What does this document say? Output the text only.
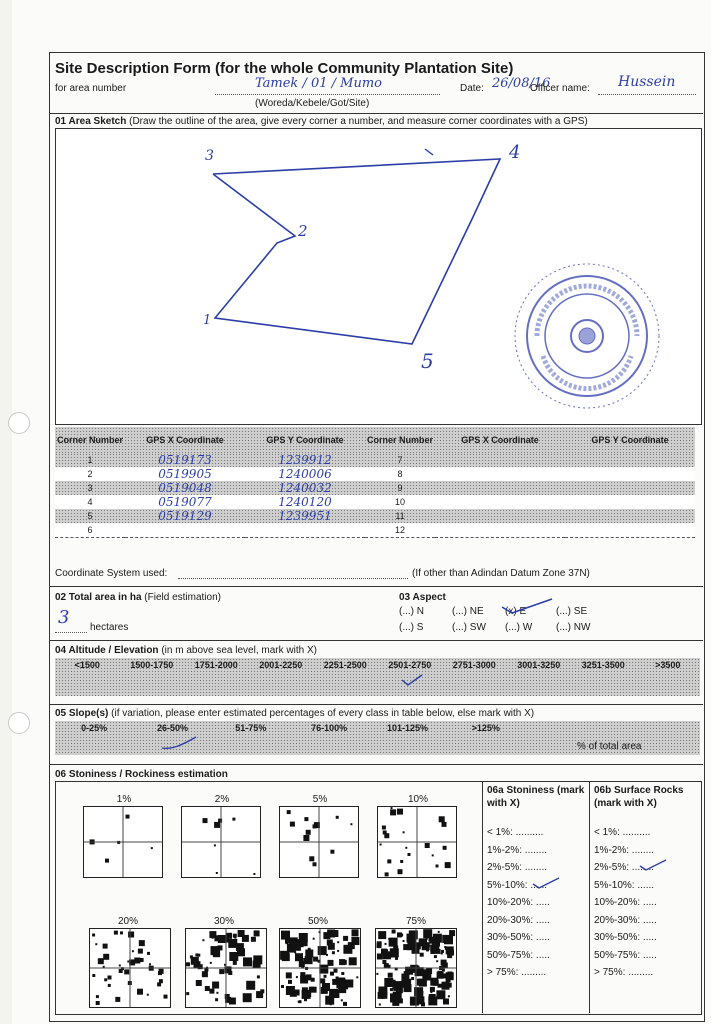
Site Description Form (for the whole Community Plantation Site)
for area number	Tamek / 01 / Mumo
(Woreda/Kebele/Got/Site)
Date: 26/08/16
Officer name: Hussein
01 Area Sketch (Draw the outline of the area, give every corner a number, and measure corner coordinates with a GPS)
3	4
2
1
5
Corner Number	GPS X Coordinate	GPS Y Coordinate	Corner Number	GPS X Coordinate	GPS Y Coordinate
1	0519173	1239912	7		
2	0519905	1240006	8		
3	0519048	1240032	9		
4	0519077	1240120	10		
5	0519129	1239951	11		
6			12		
Coordinate System used:	(If other than Adindan Datum Zone 37N)
02 Total area in ha (Field estimation)
3 hectares
03 Aspect
(...) N	(...) NE (x) E	(...) SE
(...) S	(...) SW (...) W (...) NW
04 Altitude / Elevation (in m above sea level, mark with X)
<1500	1500-1750	1751-2000	2001-2250	2251-2500	2501-2750	2751-3000	3001-3250	3251-3500	>3500
05 Slope(s) (if variation, please enter estimated percentages of every class in table below, else mark with X)
0-25%	26-50%	51-75%	76-100%	101-125%	>125%
% of total area
06 Stoniness / Rockiness estimation
1%	2%	5%	10%
20%	30%	50%	75%
06a Stoniness (mark with X)
06b Surface Rocks (mark with X)
< 1%: ..........
1%-2%: ........
2%-5%: ........
5%-10%: ......
10%-20%: .....
20%-30%: .....
30%-50%: .....
50%-75%: .....
> 75%: .........
< 1%: ..........
1%-2%: ........
2%-5%: ........
5%-10%: ......
10%-20%: .....
20%-30%: .....
30%-50%: .....
50%-75%: .....
> 75%: .........
